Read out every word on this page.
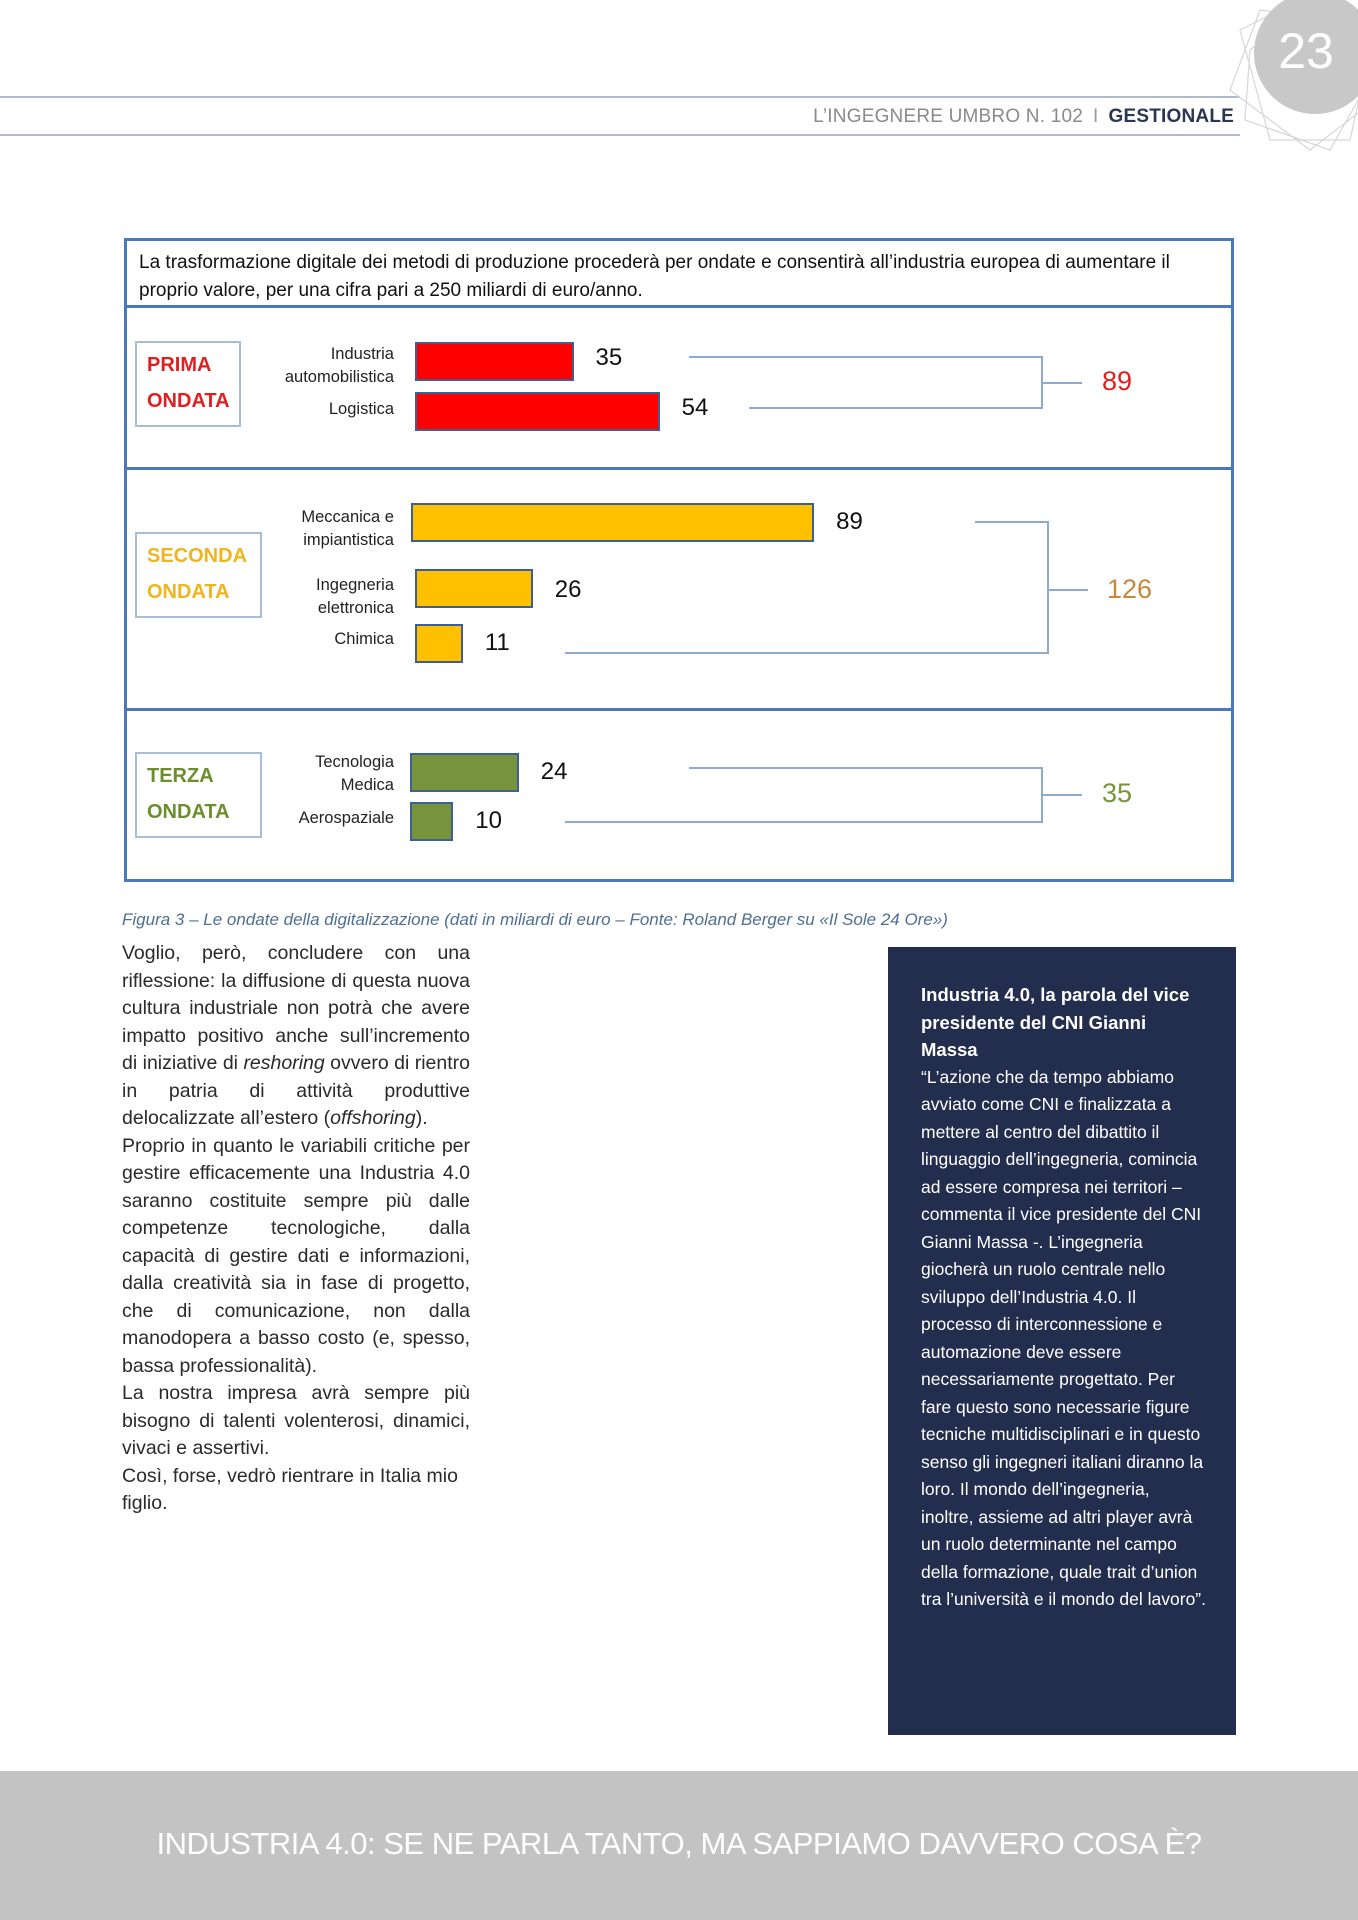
L’INGEGNERE UMBRO N. 102 I GESTIONALE
23
La trasformazione digitale dei metodi di produzione procederà per ondate e consentirà all’industria europea di aumentare il proprio valore, per una cifra pari a 250 miliardi di euro/anno.
PRIMA
ONDATA
Industria
automobilistica
Logistica
35
54
89
SECONDA
ONDATA
Meccanica e
impiantistica
Ingegneria
elettronica
Chimica
89
26
11
126
TERZA
ONDATA
Tecnologia
Medica
Aerospaziale
24
10
35
Figura 3 – Le ondate della digitalizzazione (dati in miliardi di euro – Fonte: Roland Berger su «Il Sole 24 Ore»)

Voglio, però, concludere con una riflessione: la diffusione di questa nuova cultura industriale non potrà che avere impatto positivo anche sull’incremento di iniziative di reshoring ovvero di rientro in patria di attività produttive delocalizzate all’estero (offshoring).

Proprio in quanto le variabili critiche per gestire efficacemente una Industria 4.0 saranno costituite sempre più dalle competenze tecnologiche, dalla capacità di gestire dati e informazioni, dalla creatività sia in fase di progetto, che di comunicazione, non dalla manodopera a basso costo (e, spesso, bassa professionalità).

La nostra impresa avrà sempre più bisogno di talenti volenterosi, dinamici, vivaci e assertivi.

Così, forse, vedrò rientrare in Italia mio figlio.

Industria 4.0, la parola del vice presidente del CNI Gianni Massa

“L’azione che da tempo abbiamo avviato come CNI e finalizzata a mettere al centro del dibattito il linguaggio dell’ingegneria, comincia ad essere compresa nei territori –commenta il vice presidente del CNI Gianni Massa -. L’ingegneria giocherà un ruolo centrale nello sviluppo dell’Industria 4.0. Il processo di interconnessione e automazione deve essere necessariamente progettato. Per fare questo sono necessarie figure tecniche multidisciplinari e in questo senso gli ingegneri italiani diranno la loro. Il mondo dell’ingegneria, inoltre, assieme ad altri player avrà un ruolo determinante nel campo della formazione, quale trait d’union tra l’università e il mondo del lavoro”.

INDUSTRIA 4.0: SE NE PARLA TANTO, MA SAPPIAMO DAVVERO COSA È?
